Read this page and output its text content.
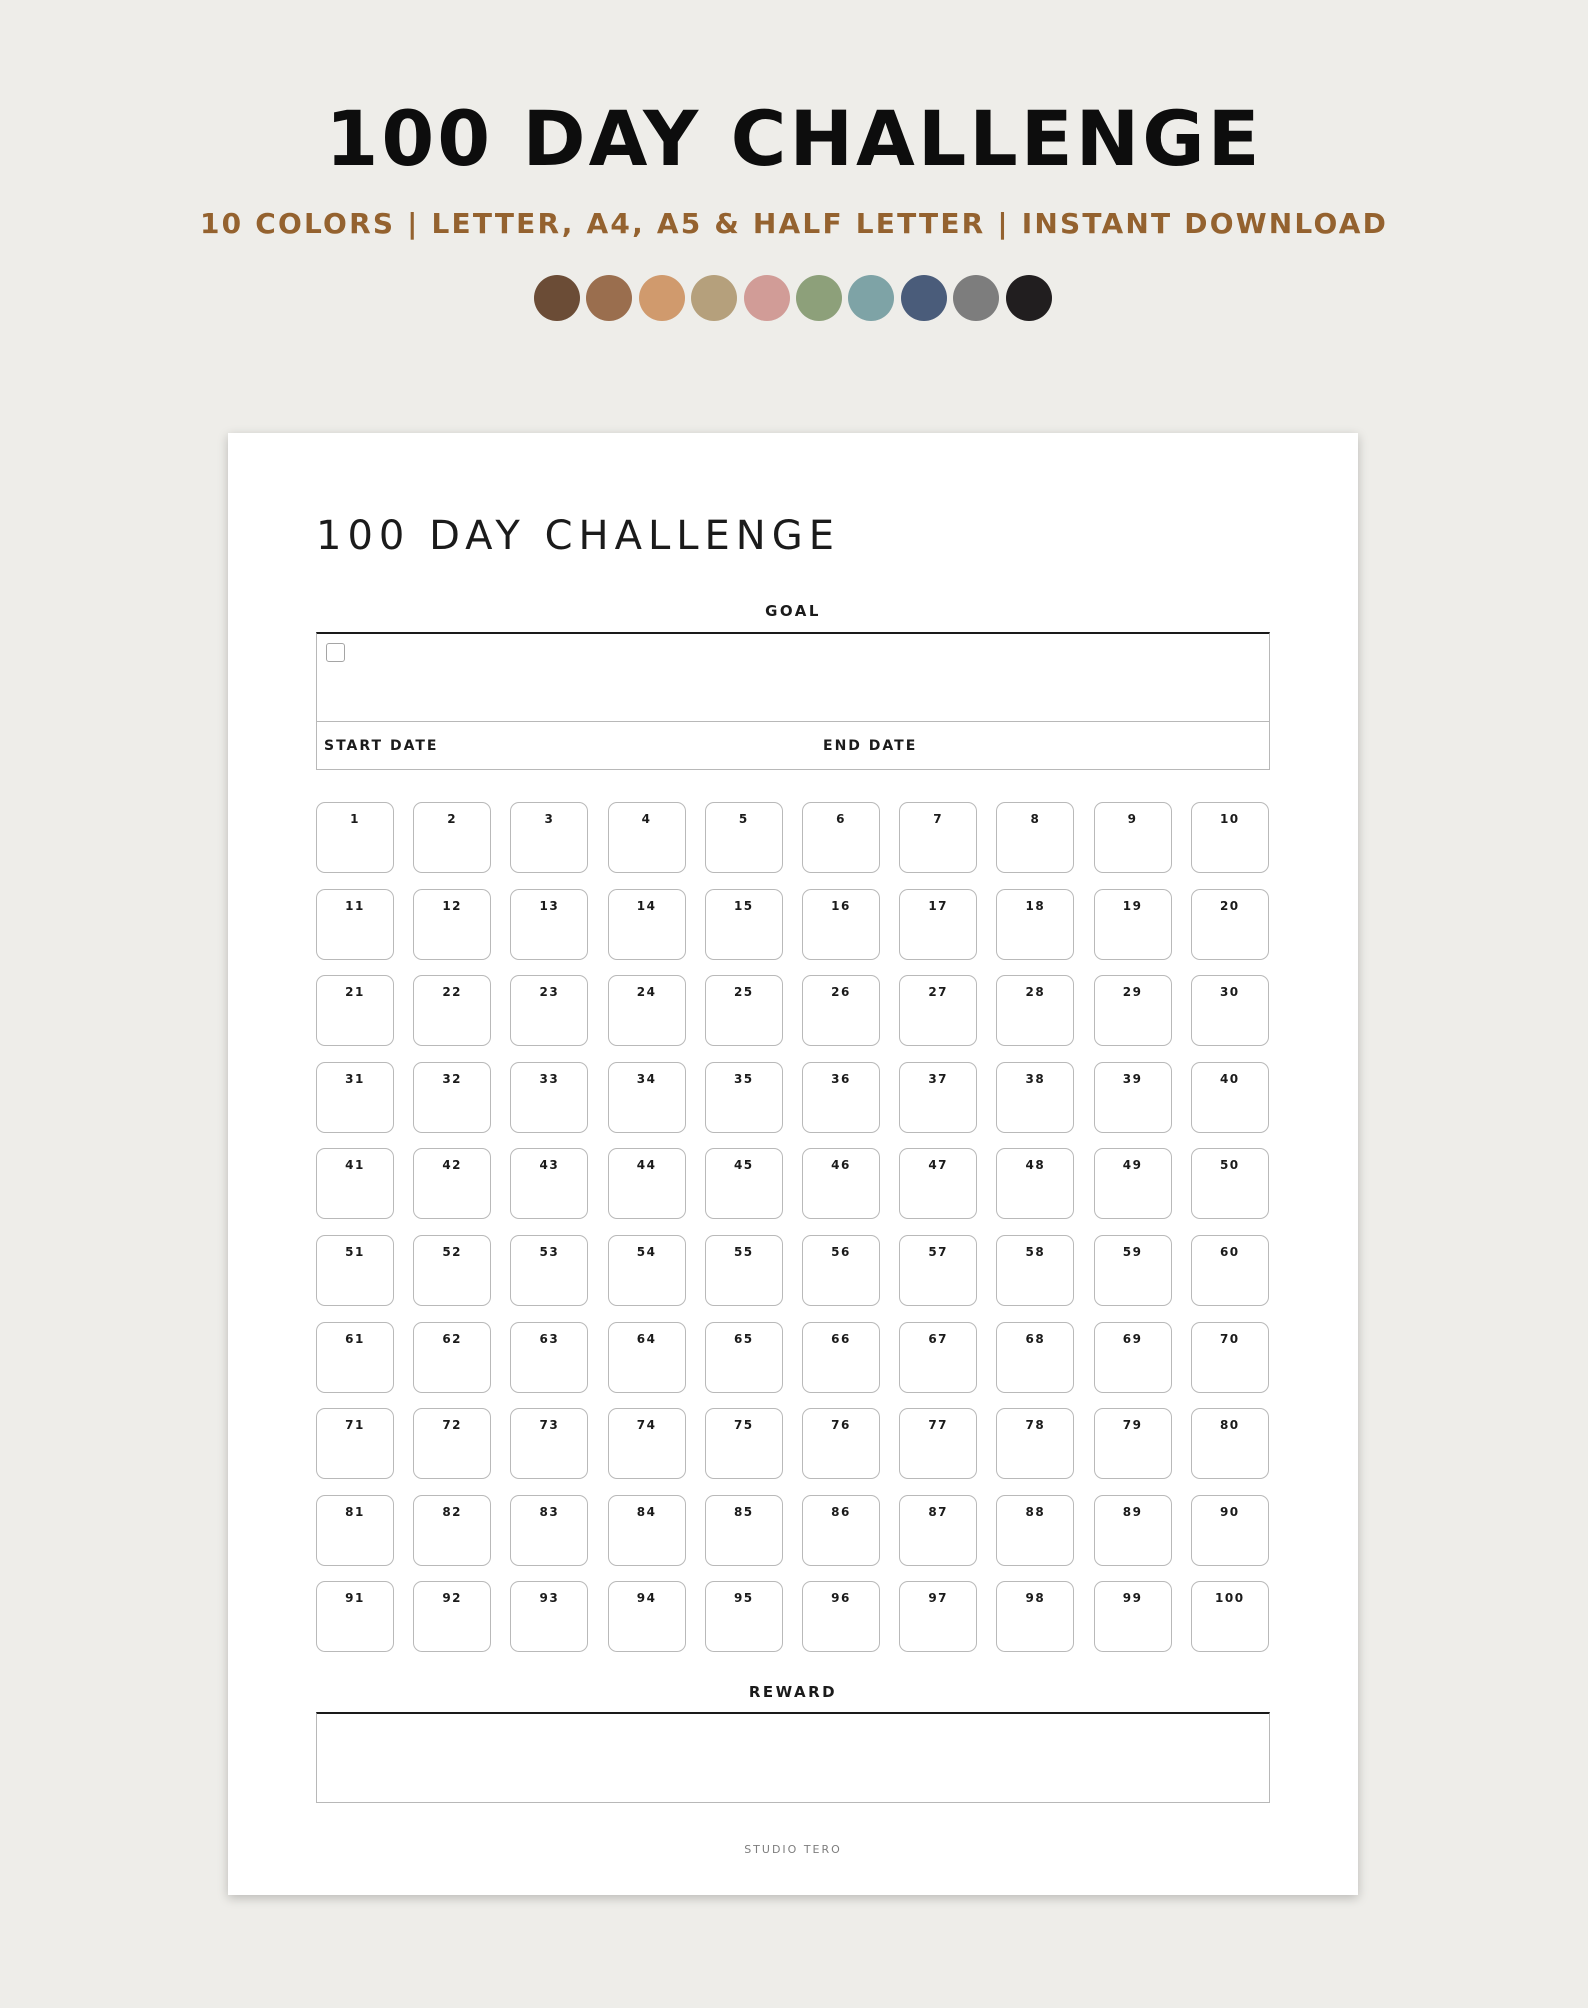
100 DAY CHALLENGE
10 COLORS | LETTER, A4, A5 & HALF LETTER | INSTANT DOWNLOAD
100 DAY CHALLENGE
GOAL
START DATE	END DATE
1	2	3	4	5	6	7	8	9	10
11	12	13	14	15	16	17	18	19	20
21	22	23	24	25	26	27	28	29	30
31	32	33	34	35	36	37	38	39	40
41	42	43	44	45	46	47	48	49	50
51	52	53	54	55	56	57	58	59	60
61	62	63	64	65	66	67	68	69	70
71	72	73	74	75	76	77	78	79	80
81	82	83	84	85	86	87	88	89	90
91	92	93	94	95	96	97	98	99	100
REWARD
STUDIO TERO
